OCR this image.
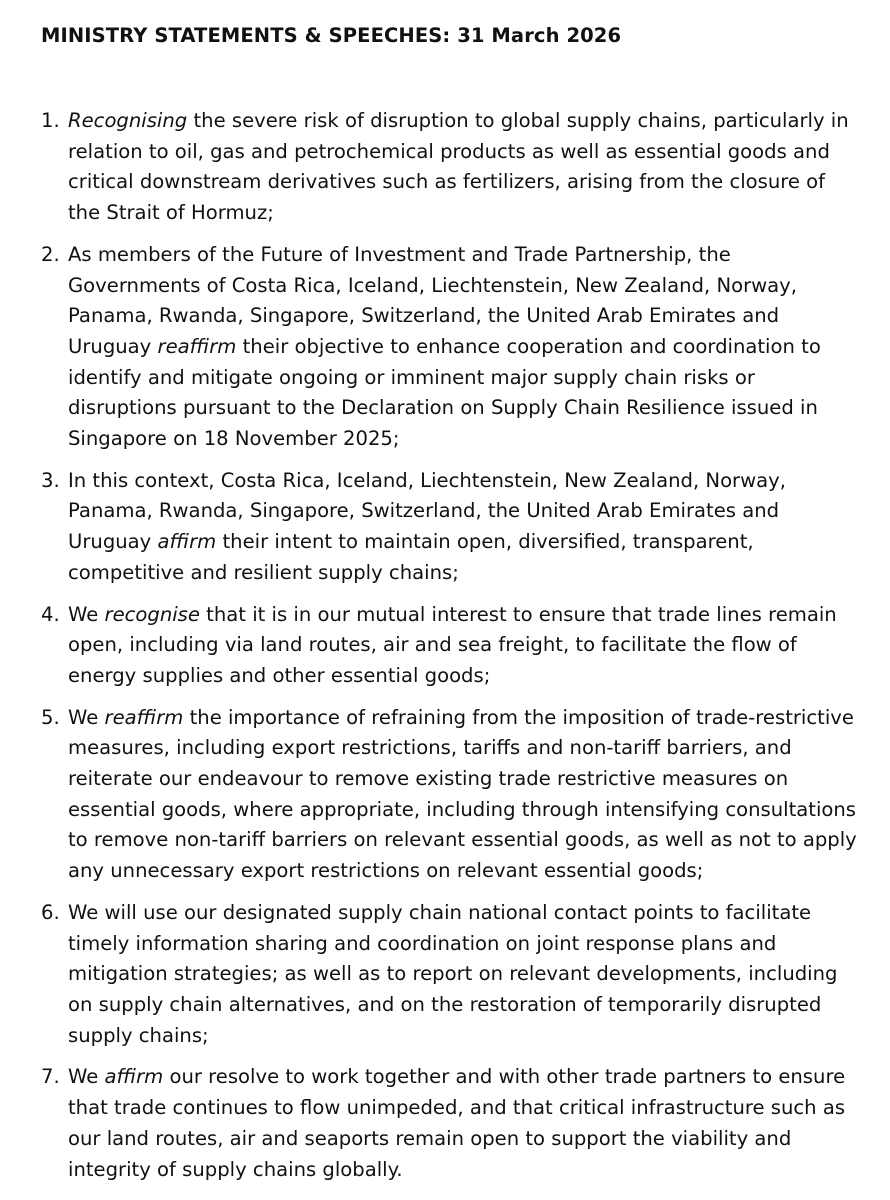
MINISTRY STATEMENTS & SPEECHES: 31 March 2026
1. Recognising the severe risk of disruption to global supply chains, particularly in relation to oil, gas and petrochemical products as well as essential goods and critical downstream derivatives such as fertilizers, arising from the closure of the Strait of Hormuz;
2. As members of the Future of Investment and Trade Partnership, the Governments of Costa Rica, Iceland, Liechtenstein, New Zealand, Norway, Panama, Rwanda, Singapore, Switzerland, the United Arab Emirates and Uruguay reaffirm their objective to enhance cooperation and coordination to identify and mitigate ongoing or imminent major supply chain risks or disruptions pursuant to the Declaration on Supply Chain Resilience issued in Singapore on 18 November 2025;
3. In this context, Costa Rica, Iceland, Liechtenstein, New Zealand, Norway, Panama, Rwanda, Singapore, Switzerland, the United Arab Emirates and Uruguay affirm their intent to maintain open, diversified, transparent, competitive and resilient supply chains;
4. We recognise that it is in our mutual interest to ensure that trade lines remain open, including via land routes, air and sea freight, to facilitate the flow of energy supplies and other essential goods;
5. We reaffirm the importance of refraining from the imposition of trade-restrictive measures, including export restrictions, tariffs and non-tariff barriers, and reiterate our endeavour to remove existing trade restrictive measures on essential goods, where appropriate, including through intensifying consultations to remove non-tariff barriers on relevant essential goods, as well as not to apply any unnecessary export restrictions on relevant essential goods;
6. We will use our designated supply chain national contact points to facilitate timely information sharing and coordination on joint response plans and mitigation strategies; as well as to report on relevant developments, including on supply chain alternatives, and on the restoration of temporarily disrupted supply chains;
7. We affirm our resolve to work together and with other trade partners to ensure that trade continues to flow unimpeded, and that critical infrastructure such as our land routes, air and seaports remain open to support the viability and integrity of supply chains globally.
